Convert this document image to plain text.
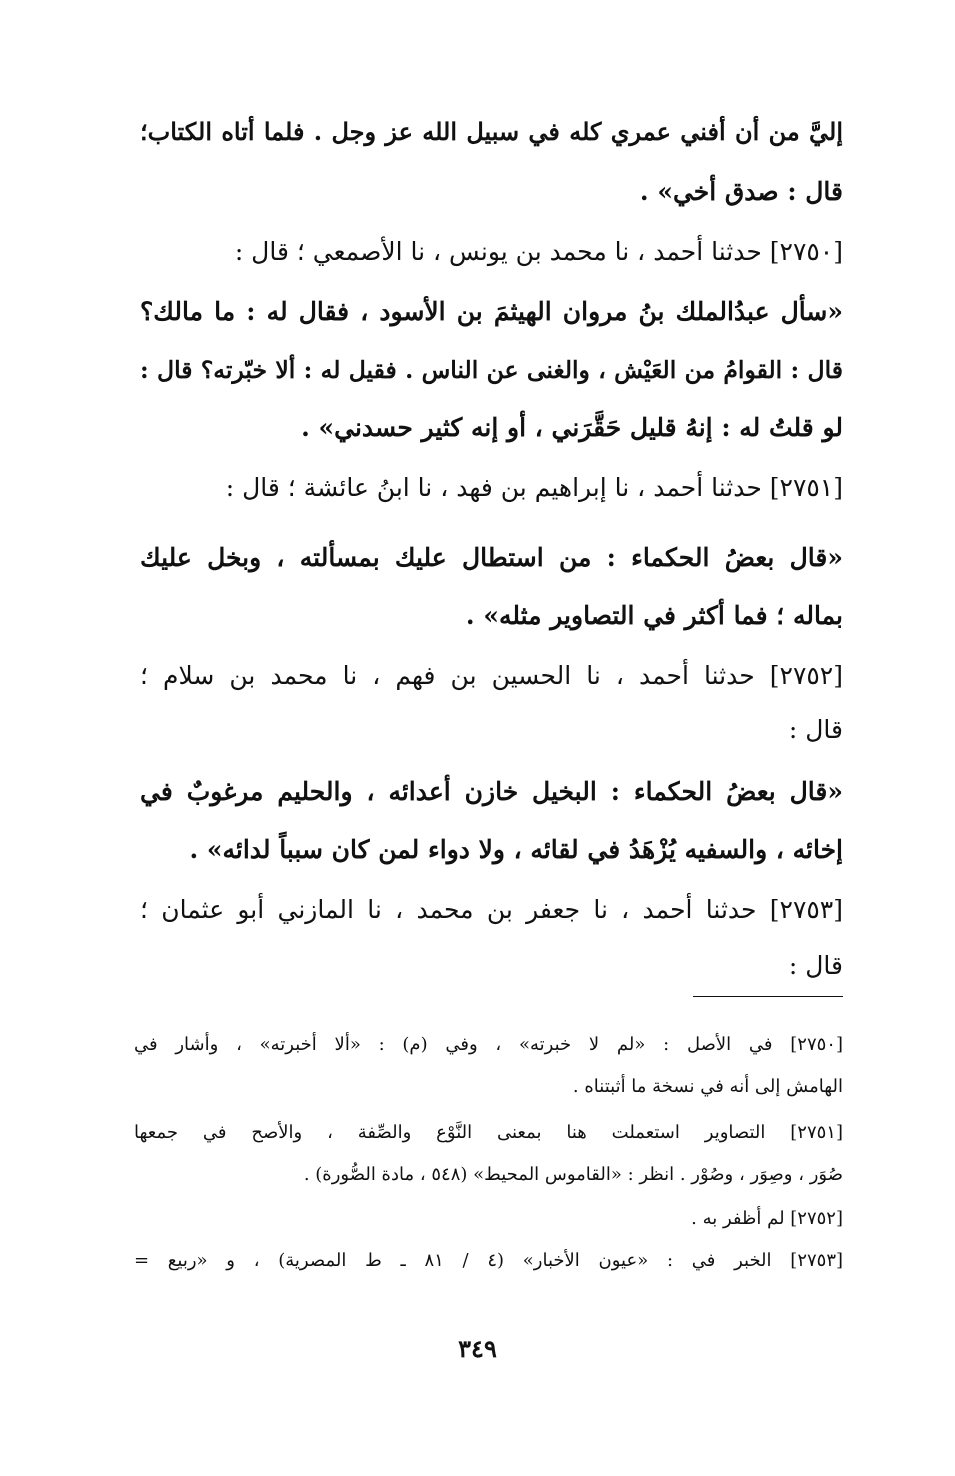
إليَّ من أن أفني عمري كله في سبيل الله عز وجل . فلما أتاه الكتاب؛
قال : صدق أخي» .
[٢٧٥٠] حدثنا أحمد ، نا محمد بن يونس ، نا الأصمعي ؛ قال :
«سأل عبدُالملك بنُ مروان الهيثمَ بن الأسود ، فقال له : ما مالك؟
قال : القوامُ من العَيْش ، والغنى عن الناس . فقيل له : ألا خبّرته؟ قال :
لو قلتُ له : إنهُ قليل حَقَّرَني ، أو إنه كثير حسدني» .
[٢٧٥١] حدثنا أحمد ، نا إبراهيم بن فهد ، نا ابنُ عائشة ؛ قال :
«قال بعضُ الحكماء : من استطال عليك بمسألته ، وبخل عليك
بماله ؛ فما أكثر في التصاوير مثله» .
[٢٧٥٢] حدثنا أحمد ، نا الحسين بن فهم ، نا محمد بن سلام ؛
قال :
«قال بعضُ الحكماء : البخيل خازن أعدائه ، والحليم مرغوبٌ في
إخائه ، والسفيه يُزْهَدُ في لقائه ، ولا دواء لمن كان سبباً لدائه» .
[٢٧٥٣] حدثنا أحمد ، نا جعفر بن محمد ، نا المازني أبو عثمان ؛
قال :
[٢٧٥٠] في الأصل : «لم لا خبرته» ، وفي (م) : «ألا أخبرته» ، وأشار في
الهامش إلى أنه في نسخة ما أثبتناه .
[٢٧٥١] التصاوير استعملت هنا بمعنى النَّوْع والصِّفة ، والأصح في جمعها
صُوَر ، وصِوَر ، وصُوْر . انظر : «القاموس المحيط» (٥٤٨ ، مادة الصُّورة) .
[٢٧٥٢] لم أظفر به .
[٢٧٥٣] الخبر في : «عيون الأخبار» (٤ / ٨١ ـ ط المصرية) ، و «ربيع =
٣٤٩
